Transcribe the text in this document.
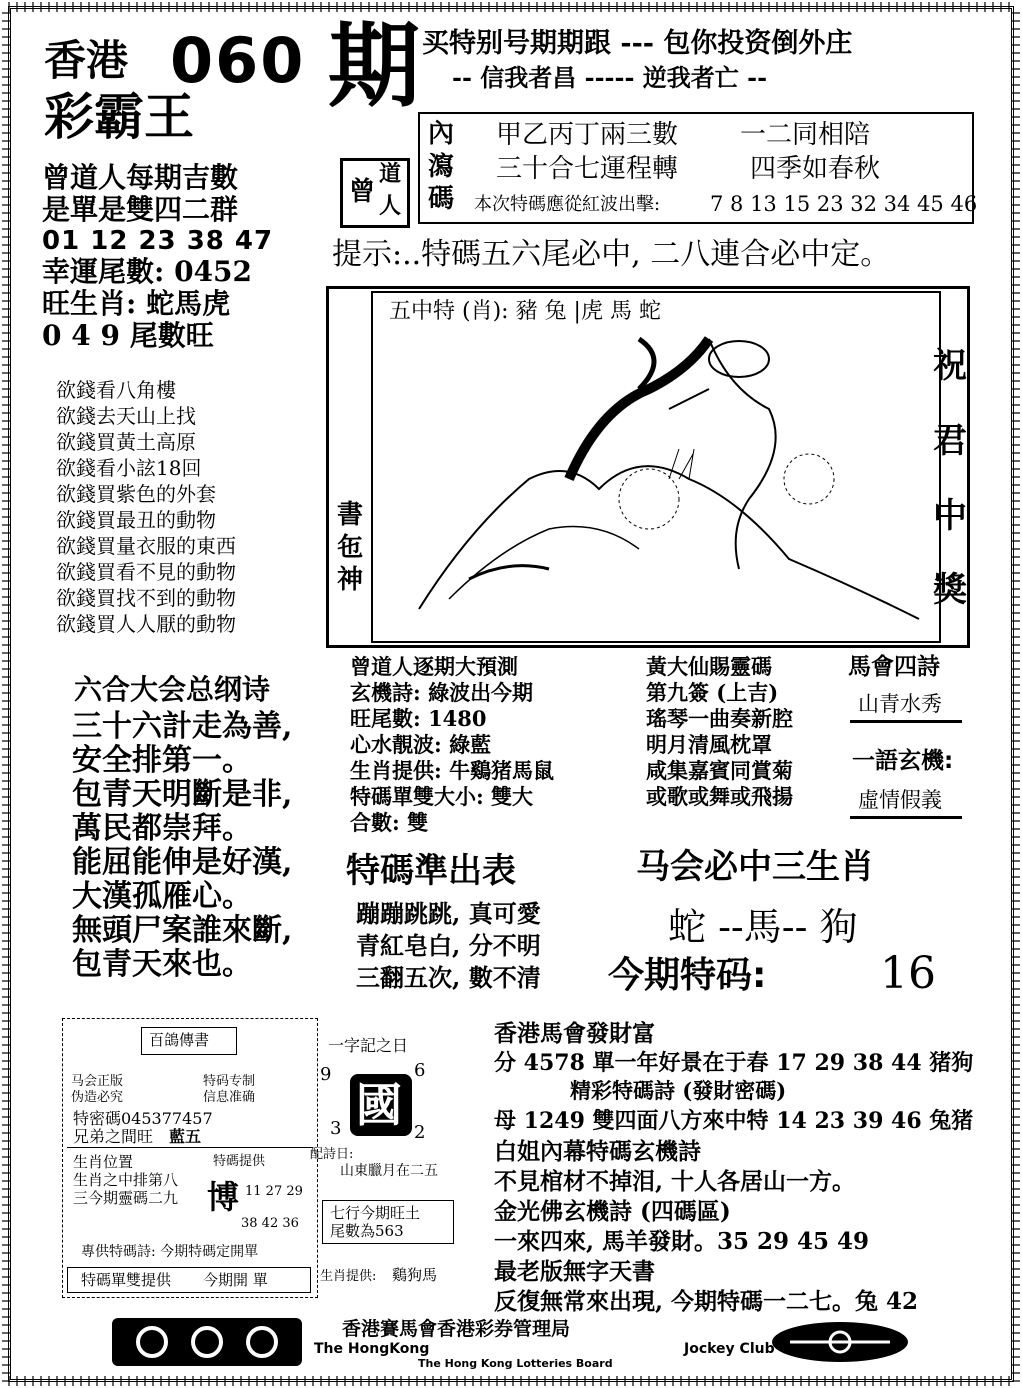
香港 060 期
彩霸王
买特别号期期跟 --- 包你投资倒外庄
-- 信我者昌 ----- 逆我者亡 --
曾
道
人
內
瀉
碼
甲乙丙丁兩三數 一二同相陪
三十合七運程轉	四季如春秋
本次特碼應從紅波出擊: 7 8 13 15 23 32 34 45 46
曾道人每期吉數
是單是雙四二群
01 12 23 38 47
幸運尾數: 0452
旺生肖: 蛇馬虎
0 4 9 尾數旺
提示:..特碼五六尾必中, 二八連合必中定。
五中特 (肖): 豬 兔 |虎 馬 蛇
書
㐌
神
祝
君
中
獎
欲錢看八角樓
欲錢去天山上找
欲錢買黃土高原
欲錢看小詃18回
欲錢買紫色的外套
欲錢買最丑的動物
欲錢買量衣服的東西
欲錢買看不見的動物
欲錢買找不到的動物
欲錢買人人厭的動物
六合大会总纲诗
三十六計走為善,
安全排第一。
包青天明斷是非,
萬民都崇拜。
能屈能伸是好漢,
大漢孤雁心。
無頭尸案誰來斷,
包青天來也。
曾道人逐期大預測
玄機詩: 綠波出今期
旺尾數: 1480
心水靚波: 綠藍
生肖提供: 牛鷄猪馬鼠
特碼單雙大小: 雙大
合數: 雙
黃大仙賜靈碼
第九簽 (上吉)
瑤琴一曲奏新腔
明月清風枕罩
咸集嘉賓同賞菊
或歌或舞或飛揚
馬會四詩
山青水秀
一語玄機:
虛情假義
特碼準出表
蹦蹦跳跳, 真可愛
青紅皂白, 分不明
三翻五次, 數不清
马会必中三生肖
蛇 --馬-- 狗
今期特码:	16
百鴿傳書
马会正版
伪造必究
特码专制
信息准确
特密碼045377457
兄弟之間旺 藍五
生肖位置
生肖之中排第八
三今期靈碼二九
特碼提供
博 11 27 29
38 42 36
專供特碼詩: 今期特碼定開單
特碼單雙提供 今期開 單
一字記之日
9	6
國
3	2
配詩日:
山東臘月在二五
七行今期旺土
尾數為563
生肖提供: 鷄狗馬
香港馬會發財富
分 4578 單一年好景在于春 17 29 38 44 猪狗
精彩特碼詩 (發財密碼)
母 1249 雙四面八方來中特 14 23 39 46 兔猪
白姐內幕特碼玄機詩
不見棺材不掉泪, 十人各居山一方。
金光佛玄機詩 (四碼區)
一來四來, 馬羊發財。35 29 45 49
最老版無字天書
反復無常來出現, 今期特碼一二七。兔 42
香港賽馬會香港彩券管理局
The HongKong	Jockey Club
The Hong Kong Lotteries Board
